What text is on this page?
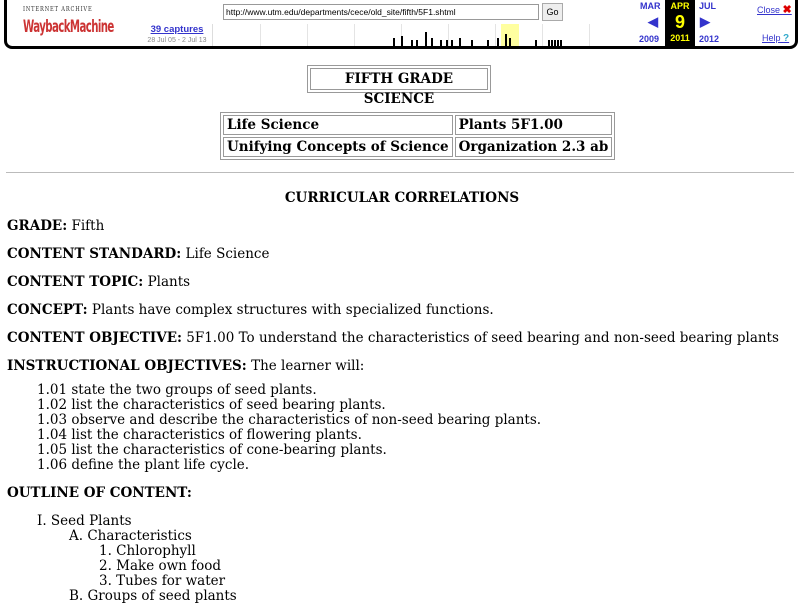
INTERNET ARCHIVE
WaybackMachine	39 captures
28 Jul 05 - 2 Jul 13
http://www.utm.edu/departments/cece/old_site/fifth/5F1.shtml	Go
MAR
◀
2009
APR
9
2011
JUL
▶
2012
Close ✖
Help ?
FIFTH GRADE SCIENCE
Life Science	Plants 5F1.00
Unifying Concepts of Science	Organization 2.3 ab
CURRICULAR CORRELATIONS

GRADE: Fifth

CONTENT STANDARD: Life Science

CONTENT TOPIC: Plants

CONCEPT: Plants have complex structures with specialized functions.

CONTENT OBJECTIVE: 5F1.00 To understand the characteristics of seed bearing and non-seed bearing plants

INSTRUCTIONAL OBJECTIVES: The learner will:

1.01 state the two groups of seed plants.
1.02 list the characteristics of seed bearing plants.
1.03 observe and describe the characteristics of non-seed bearing plants.
1.04 list the characteristics of flowering plants.
1.05 list the characteristics of cone-bearing plants.
1.06 define the plant life cycle.

OUTLINE OF CONTENT:

I. Seed Plants
A. Characteristics
1. Chlorophyll
2. Make own food
3. Tubes for water
B. Groups of seed plants
